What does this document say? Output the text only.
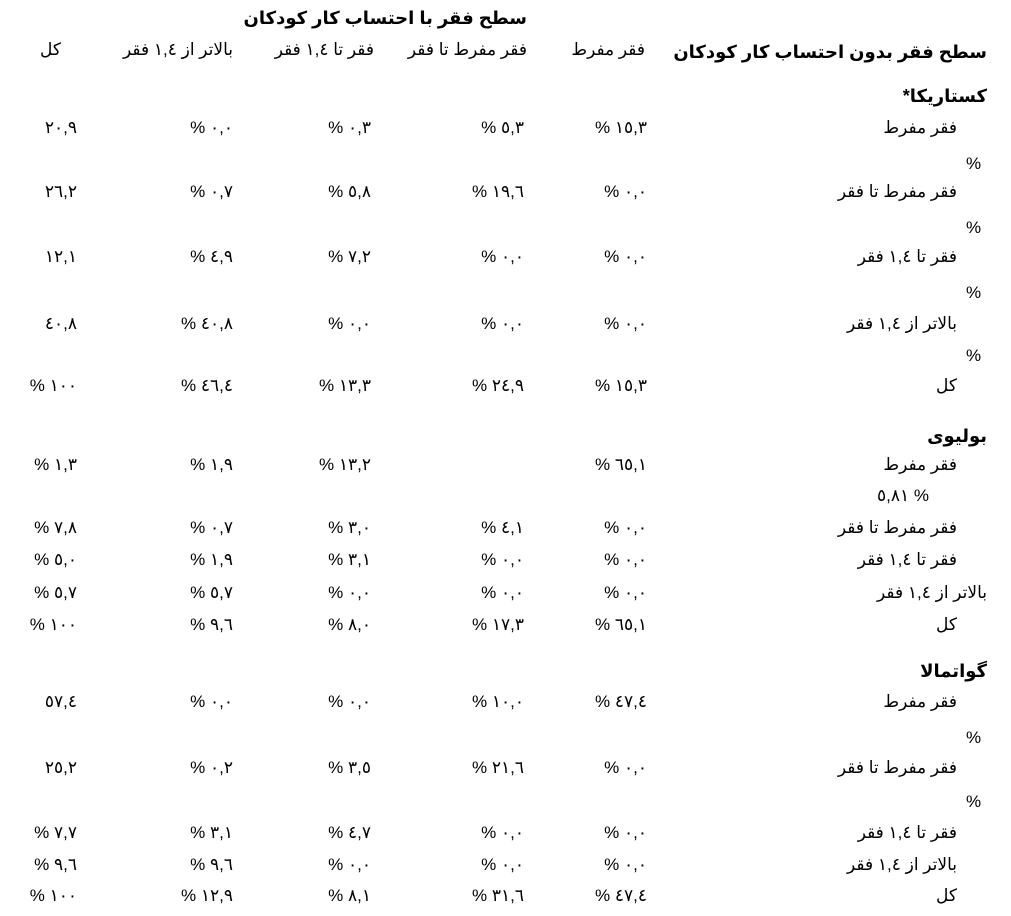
سطح فقر با احتساب کار کودکان
سطح فقر بدون احتساب کار کودکان
فقر مفرط
فقر مفرط تا فقر
فقر تا ۱,٤ فقر
بالاتر از ۱,٤ فقر
کل
کستاریکا*
فقر مفرط
% ۱٥,۳
% ٥,۳
% ۰,۳
% ۰,۰
۲۰,۹
%
فقر مفرط تا فقر
% ۰,۰
% ۱۹,٦
% ٥,۸
% ۰,۷
۲٦,۲
%
فقر تا ۱,٤ فقر
% ۰,۰
% ۰,۰
% ۷,۲
% ٤,۹
۱۲,۱
%
بالاتر از ۱,٤ فقر
% ۰,۰
% ۰,۰
% ۰,۰
% ٤۰,۸
٤۰,۸
%
کل
% ۱٥,۳
% ۲٤,۹
% ۱۳,۳
% ٤٦,٤
% ۱۰۰
بولیوی
فقر مفرط
% ٦٥,۱
% ۱۳,۲
% ۱,۹
% ۱,۳
% ۸۱,٥
فقر مفرط تا فقر
% ۰,۰
% ٤,۱
% ۳,۰
% ۰,۷
% ۷,۸
فقر تا ۱,٤ فقر
% ۰,۰
% ۰,۰
% ۳,۱
% ۱,۹
% ٥,۰
بالاتر از ۱,٤ فقر
% ۰,۰
% ۰,۰
% ۰,۰
% ٥,۷
% ٥,۷
کل
% ٦٥,۱
% ۱۷,۳
% ۸,۰
% ۹,٦
% ۱۰۰
گواتمالا
فقر مفرط
% ٤۷,٤
% ۱۰,۰
% ۰,۰
% ۰,۰
٥۷,٤
%
فقر مفرط تا فقر
% ۰,۰
% ۲۱,٦
% ۳,٥
% ۰,۲
۲٥,۲
%
فقر تا ۱,٤ فقر
% ۰,۰
% ۰,۰
% ٤,۷
% ۳,۱
% ۷,۷
بالاتر از ۱,٤ فقر
% ۰,۰
% ۰,۰
% ۰,۰
% ۹,٦
% ۹,٦
کل
% ٤۷,٤
% ۳۱,٦
% ۸,۱
% ۱۲,۹
% ۱۰۰
